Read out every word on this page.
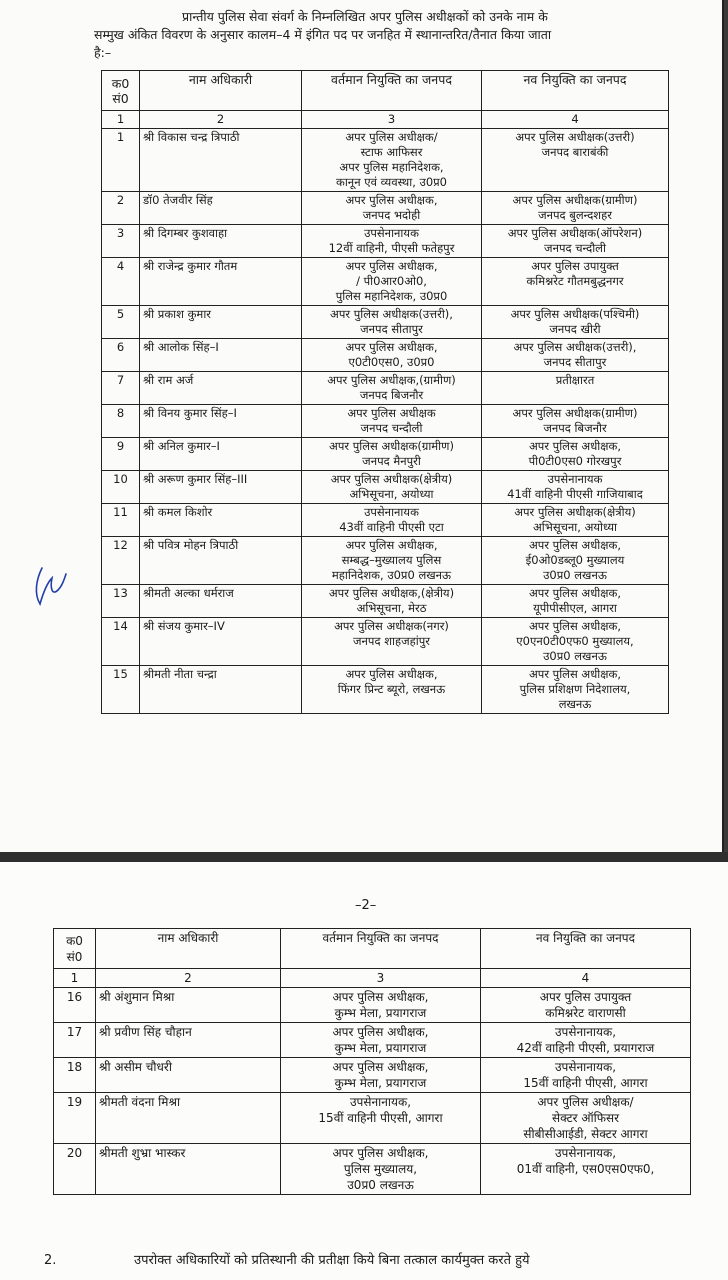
प्रान्तीय पुलिस सेवा संवर्ग के निम्नलिखित अपर पुलिस अधीक्षकों को उनके नाम के
सम्मुख अंकित विवरण के अनुसार कालम–4 में इंगित पद पर जनहित में स्थानान्तरित/तैनात किया जाता
है:–
क0 सं0	नाम अधिकारी	वर्तमान नियुक्ति का जनपद	नव नियुक्ति का जनपद
1	2	3	4
1	श्री विकास चन्द्र त्रिपाठी	अपर पुलिस अधीक्षक/
स्टाफ आफिसर
अपर पुलिस महानिदेशक,
कानून एवं व्यवस्था, उ0प्र0	अपर पुलिस अधीक्षक(उत्तरी)
जनपद बाराबंकी

2	डॉ0 तेजवीर सिंह	अपर पुलिस अधीक्षक,
जनपद भदोही	अपर पुलिस अधीक्षक(ग्रामीण)
जनपद बुलन्दशहर

3	श्री दिगम्बर कुशवाहा	उपसेनानायक
12वीं वाहिनी, पीएसी फतेहपुर	अपर पुलिस अधीक्षक(ऑपरेशन)
जनपद चन्दौली

4	श्री राजेन्द्र कुमार गौतम	अपर पुलिस अधीक्षक,
/ पी0आर0ओ0,
पुलिस महानिदेशक, उ0प्र0	अपर पुलिस उपायुक्त
कमिश्नरेट गौतमबुद्धनगर

5	श्री प्रकाश कुमार	अपर पुलिस अधीक्षक(उत्तरी),
जनपद सीतापुर	अपर पुलिस अधीक्षक(पश्चिमी)
जनपद खीरी

6	श्री आलोक सिंह–I	अपर पुलिस अधीक्षक,
ए0टी0एस0, उ0प्र0	अपर पुलिस अधीक्षक(उत्तरी),
जनपद सीतापुर

7	श्री राम अर्ज	अपर पुलिस अधीक्षक,(ग्रामीण)
जनपद बिजनौर	प्रतीक्षारत

8	श्री विनय कुमार सिंह–I	अपर पुलिस अधीक्षक
जनपद चन्दौली	अपर पुलिस अधीक्षक(ग्रामीण)
जनपद बिजनौर

9	श्री अनिल कुमार–I	अपर पुलिस अधीक्षक(ग्रामीण)
जनपद मैनपुरी	अपर पुलिस अधीक्षक,
पी0टी0एस0 गोरखपुर

10	श्री अरूण कुमार सिंह–III	अपर पुलिस अधीक्षक(क्षेत्रीय)
अभिसूचना, अयोध्या	उपसेनानायक
41वीं वाहिनी पीएसी गाजियाबाद

11	श्री कमल किशोर	उपसेनानायक
43वीं वाहिनी पीएसी एटा	अपर पुलिस अधीक्षक(क्षेत्रीय)
अभिसूचना, अयोध्या

12	श्री पवित्र मोहन त्रिपाठी	अपर पुलिस अधीक्षक,
सम्बद्ध–मुख्यालय पुलिस
महानिदेशक, उ0प्र0 लखनऊ	अपर पुलिस अधीक्षक,
ई0ओ0डब्लू0 मुख्यालय
उ0प्र0 लखनऊ

13	श्रीमती अल्का धर्मराज	अपर पुलिस अधीक्षक,(क्षेत्रीय)
अभिसूचना, मेरठ	अपर पुलिस अधीक्षक,
यूपीपीसीएल, आगरा

14	श्री संजय कुमार–IV	अपर पुलिस अधीक्षक(नगर)
जनपद शाहजहांपुर	अपर पुलिस अधीक्षक,
ए0एन0टी0एफ0 मुख्यालय,
उ0प्र0 लखनऊ

15	श्रीमती नीता चन्द्रा	अपर पुलिस अधीक्षक,
फिंगर प्रिन्ट ब्यूरो, लखनऊ	अपर पुलिस अधीक्षक,
पुलिस प्रशिक्षण निदेशालय,
लखनऊ
–2–
क0 सं0	नाम अधिकारी	वर्तमान नियुक्ति का जनपद	नव नियुक्ति का जनपद
1	2	3	4
16	श्री अंशुमान मिश्रा	अपर पुलिस अधीक्षक,
कुम्भ मेला, प्रयागराज	अपर पुलिस उपायुक्त
कमिश्नरेट वाराणसी

17	श्री प्रवीण सिंह चौहान	अपर पुलिस अधीक्षक,
कुम्भ मेला, प्रयागराज	उपसेनानायक,
42वीं वाहिनी पीएसी, प्रयागराज

18	श्री असीम चौधरी	अपर पुलिस अधीक्षक,
कुम्भ मेला, प्रयागराज	उपसेनानायक,
15वीं वाहिनी पीएसी, आगरा

19	श्रीमती वंदना मिश्रा	उपसेनानायक,
15वीं वाहिनी पीएसी, आगरा	अपर पुलिस अधीक्षक/
सेक्टर ऑफिसर
सीबीसीआईडी, सेक्टर आगरा

20	श्रीमती शुभ्रा भास्कर	अपर पुलिस अधीक्षक,
पुलिस मुख्यालय,
उ0प्र0 लखनऊ	उपसेनानायक,
01वीं वाहिनी, एस0एस0एफ0,
2.	उपरोक्त अधिकारियों को प्रतिस्थानी की प्रतीक्षा किये बिना तत्काल कार्यमुक्त करते हुये
